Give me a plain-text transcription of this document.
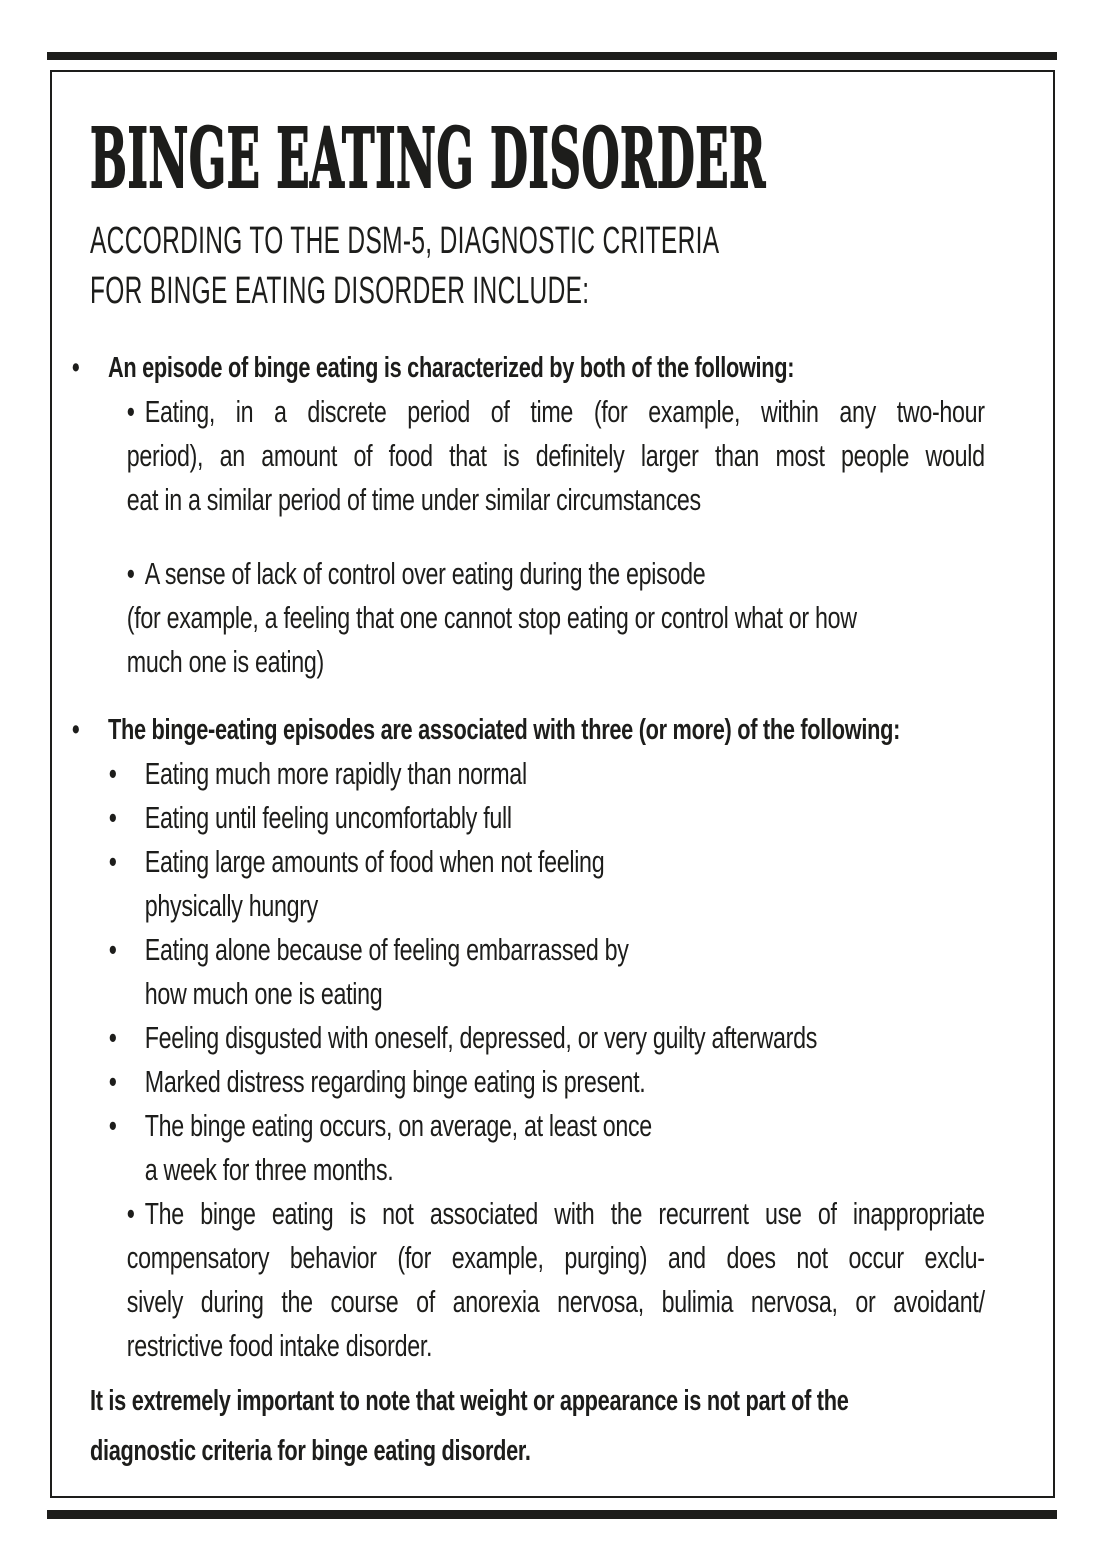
BINGE EATING DISORDER
ACCORDING TO THE DSM-5, DIAGNOSTIC CRITERIA
FOR BINGE EATING DISORDER INCLUDE:
• An episode of binge eating is characterized by both of the following:
• Eating, in a discrete period of time (for example, within any two-hour
period), an amount of food that is definitely larger than most people would
eat in a similar period of time under similar circumstances
• A sense of lack of control over eating during the episode
(for example, a feeling that one cannot stop eating or control what or how
much one is eating)
• The binge-eating episodes are associated with three (or more) of the following:
• Eating much more rapidly than normal
• Eating until feeling uncomfortably full
• Eating large amounts of food when not feeling
physically hungry
• Eating alone because of feeling embarrassed by
how much one is eating
• Feeling disgusted with oneself, depressed, or very guilty afterwards
• Marked distress regarding binge eating is present.
• The binge eating occurs, on average, at least once
a week for three months.
• The binge eating is not associated with the recurrent use of inappropriate
compensatory behavior (for example, purging) and does not occur exclu-
sively during the course of anorexia nervosa, bulimia nervosa, or avoidant/
restrictive food intake disorder.
It is extremely important to note that weight or appearance is not part of the
diagnostic criteria for binge eating disorder.
